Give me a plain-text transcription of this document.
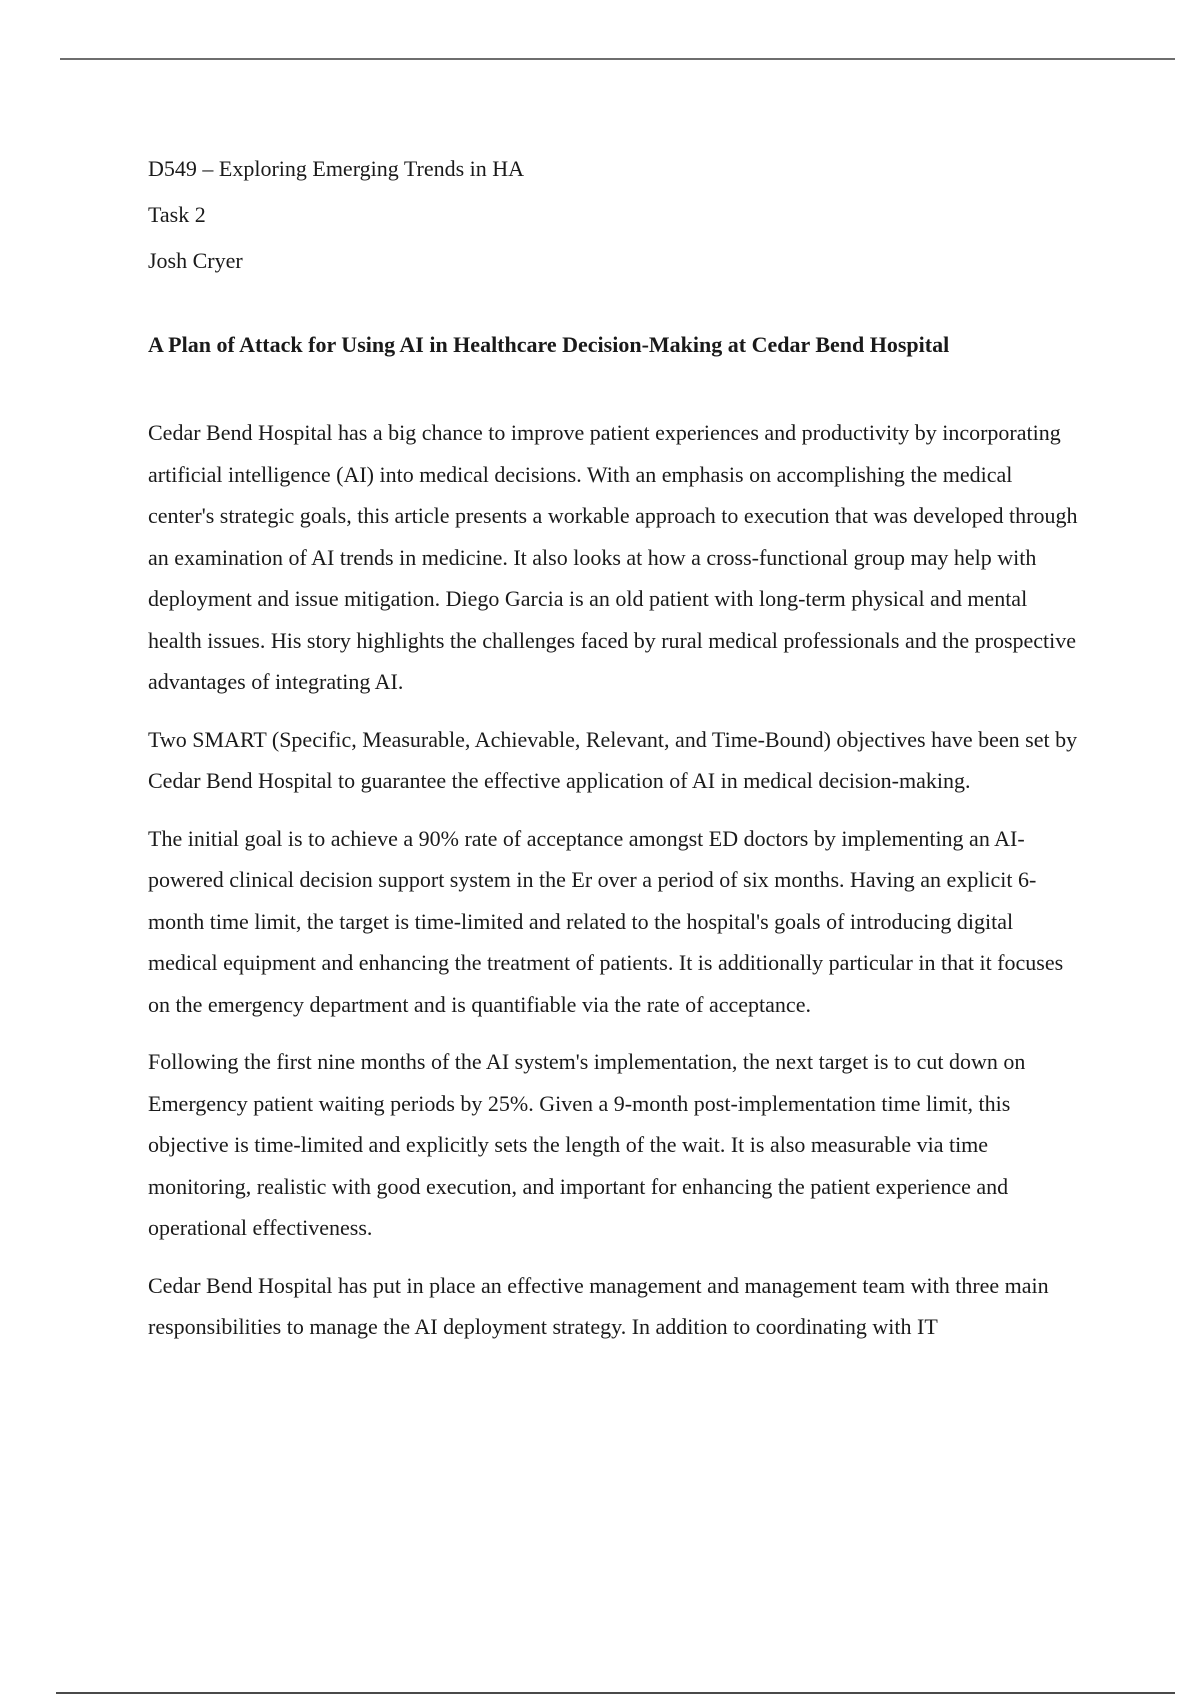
D549 – Exploring Emerging Trends in HA

Task 2

Josh Cryer

A Plan of Attack for Using AI in Healthcare Decision-Making at Cedar Bend Hospital

Cedar Bend Hospital has a big chance to improve patient experiences and productivity by incorporating artificial intelligence (AI) into medical decisions. With an emphasis on accomplishing the medical center's strategic goals, this article presents a workable approach to execution that was developed through an examination of AI trends in medicine. It also looks at how a cross-functional group may help with deployment and issue mitigation. Diego Garcia is an old patient with long-term physical and mental health issues. His story highlights the challenges faced by rural medical professionals and the prospective advantages of integrating AI.

Two SMART (Specific, Measurable, Achievable, Relevant, and Time-Bound) objectives have been set by Cedar Bend Hospital to guarantee the effective application of AI in medical decision-making.

The initial goal is to achieve a 90% rate of acceptance amongst ED doctors by implementing an AI-powered clinical decision support system in the Er over a period of six months. Having an explicit 6-month time limit, the target is time-limited and related to the hospital's goals of introducing digital medical equipment and enhancing the treatment of patients. It is additionally particular in that it focuses on the emergency department and is quantifiable via the rate of acceptance.

Following the first nine months of the AI system's implementation, the next target is to cut down on Emergency patient waiting periods by 25%. Given a 9-month post-implementation time limit, this objective is time-limited and explicitly sets the length of the wait. It is also measurable via time monitoring, realistic with good execution, and important for enhancing the patient experience and operational effectiveness.

Cedar Bend Hospital has put in place an effective management and management team with three main responsibilities to manage the AI deployment strategy. In addition to coordinating with IT
